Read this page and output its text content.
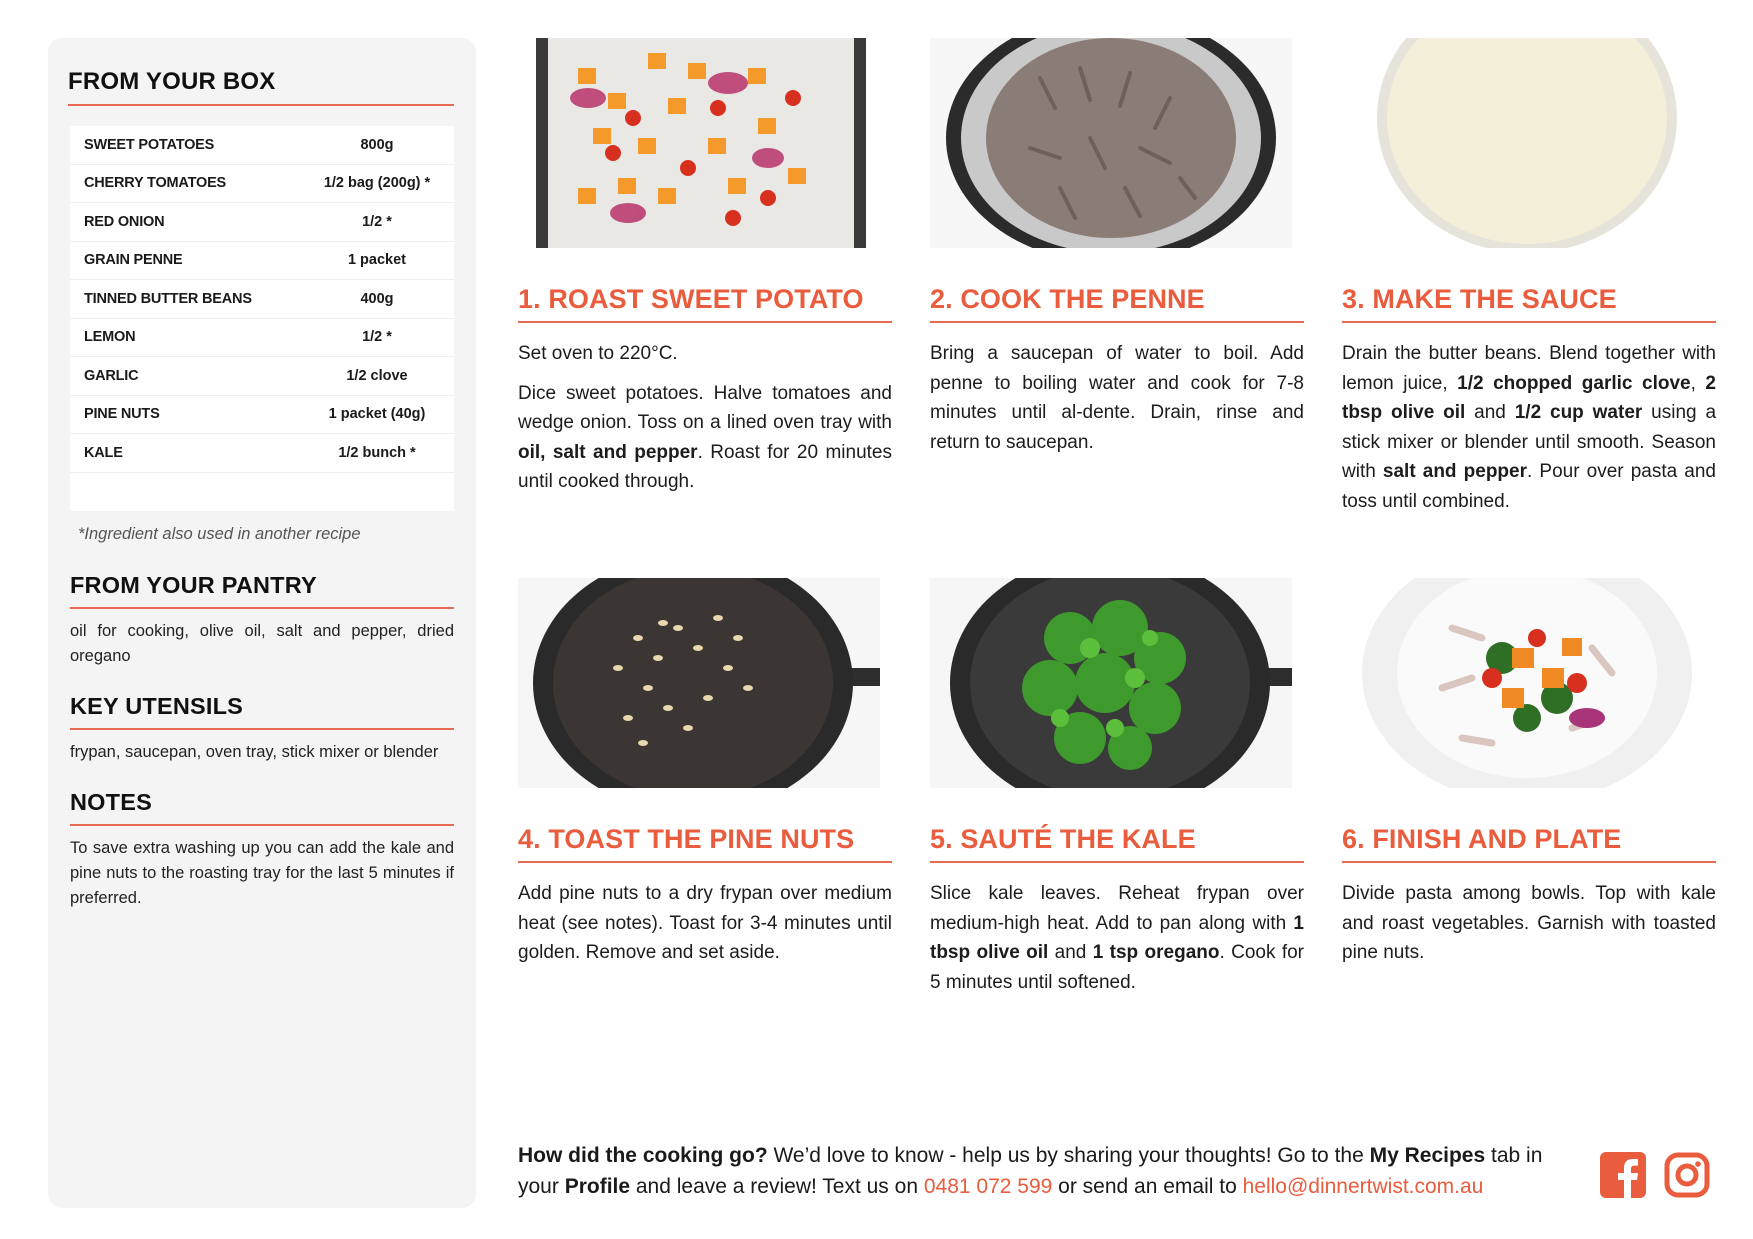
FROM YOUR BOX
SWEET POTATOES	800g
CHERRY TOMATOES	1/2 bag (200g) *
RED ONION	1/2 *
GRAIN PENNE	1 packet
TINNED BUTTER BEANS	400g
LEMON	1/2 *
GARLIC	1/2 clove
PINE NUTS	1 packet (40g)
KALE	1/2 bunch *
*Ingredient also used in another recipe
FROM YOUR PANTRY
oil for cooking, olive oil, salt and pepper, dried oregano
KEY UTENSILS
frypan, saucepan, oven tray, stick mixer or blender
NOTES
To save extra washing up you can add the kale and pine nuts to the roasting tray for the last 5 minutes if preferred.
1. ROAST SWEET POTATO

Set oven to 220°C.

Dice sweet potatoes. Halve tomatoes and wedge onion. Toss on a lined oven tray with oil, salt and pepper. Roast for 20 minutes until cooked through.

2. COOK THE PENNE

Bring a saucepan of water to boil. Add penne to boiling water and cook for 7-8 minutes until al-dente. Drain, rinse and return to saucepan.

3. MAKE THE SAUCE

Drain the butter beans. Blend together with lemon juice, 1/2 chopped garlic clove, 2 tbsp olive oil and 1/2 cup water using a stick mixer or blender until smooth. Season with salt and pepper. Pour over pasta and toss until combined.

4. TOAST THE PINE NUTS

Add pine nuts to a dry frypan over medium heat (see notes). Toast for 3-4 minutes until golden. Remove and set aside.

5. SAUTÉ THE KALE

Slice kale leaves. Reheat frypan over medium-high heat. Add to pan along with 1 tbsp olive oil and 1 tsp oregano. Cook for 5 minutes until softened.

6. FINISH AND PLATE

Divide pasta among bowls. Top with kale and roast vegetables. Garnish with toasted pine nuts.

How did the cooking go? We’d love to know - help us by sharing your thoughts! Go to the My Recipes tab in your Profile and leave a review! Text us on 0481 072 599 or send an email to hello@dinnertwist.com.au
